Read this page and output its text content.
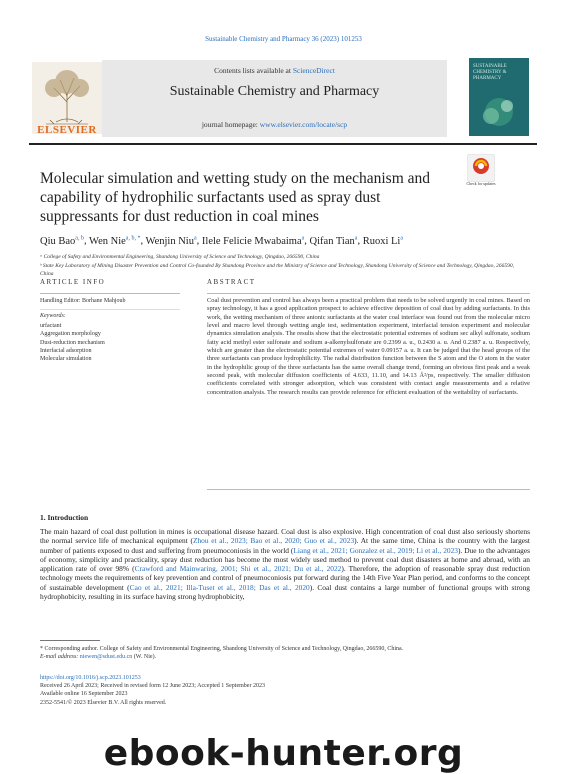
Sustainable Chemistry and Pharmacy 36 (2023) 101253
Contents lists available at ScienceDirect
Sustainable Chemistry and Pharmacy
journal homepage: www.elsevier.com/locate/scp
ELSEVIER
SUSTAINABLE CHEMISTRY & PHARMACY
Molecular simulation and wetting study on the mechanism and capability of hydrophilic surfactants used as spray dust suppressants for dust reduction in coal mines
Check for updates
Qiu Bao$^{a, b}$, Wen Nie$^{a, b, *}$, Wenjin Niu$^a$, Ilele Felicie Mwabaima$^a$, Qifan Tian$^a$, Ruoxi Li$^a$
ᵃ College of Safety and Environmental Engineering, Shandong University of Science and Technology, Qingdao, 266590, China
ᵇ State Key Laboratory of Mining Disaster Prevention and Control Co-founded By Shandong Province and the Ministry of Science and Technology, Shandong University of Science and Technology, Qingdao, 266590, China
ARTICLE INFO	ABSTRACT
Handling Editor: Borhane Mahjoub
Keywords:
urfactant
Aggregation morphology
Dust-reduction mechanism
Interfacial adsorption
Molecular simulation
Coal dust prevention and control has always been a practical problem that needs to be solved urgently in coal mines. Based on spray technology, it has a good application prospect to achieve effective deposition of coal dust by adding surfactants. In this work, the wetting mechanism of three anionic surfactants at the water coal interface was found out from the molecular micro level and macro level through wetting angle test, sedimentation experiment, interfacial tension experiment and molecular dynamics simulation analysis. The results show that the electrostatic potential extremes of sodium sec alkyl sulfonate, sodium fatty acid methyl ester sulfonate and sodium a-alkenylsulfonate are 0.2399 a. u., 0.2430 a. u. And 0.2387 a. u. Respectively, which are greater than the electrostatic potential extremes of water 0.09157 a. u. It can be judged that the head groups of the three surfactants can produce hydrophilicity. The radial distribution function between the S atom and the O atom in the water in the hydrophilic group of the three surfactants has the same overall change trend, forming an obvious first peak and a weak second peak, with molecular diffusion coefficients of 4.633, 11.10, and 14.13 Å²/ps, respectively. The smaller diffusion coefficients correlated with stronger adsorption, which was consistent with contact angle measurements and a relative concentration analysis. The research results can provide reference for efficient evaluation of the wettability of surfactants.
1. Introduction
The main hazard of coal dust pollution in mines is occupational disease hazard. Coal dust is also explosive. High concentration of coal dust also seriously shortens the normal service life of mechanical equipment (Zhou et al., 2023; Bao et al., 2020; Guo et al., 2023). At the same time, China is the country with the largest number of patients exposed to dust and suffering from pneumoconiosis in the world (Liang et al., 2021; Gonzalez et al., 2019; Li et al., 2023). Due to the advantages of economy, simplicity and practicality, spray dust reduction has become the most widely used method to prevent coal dust disasters at home and abroad, with an application rate of over 98% (Crawford and Mainwaring, 2001; Shi et al., 2021; Du et al., 2022). Therefore, the adoption of reasonable spray dust reduction technology meets the requirements of key prevention and control of pneumoconiosis put forward during the 14th Five Year Plan period, and conforms to the concept of sustainable development (Cao et al., 2021; Illa-Tuset et al., 2018; Das et al., 2020). Coal dust contains a large number of functional groups with strong hydrophobicity, resulting in its surface having strong hydrophobicity,
* Corresponding author. College of Safety and Environmental Engineering, Shandong University of Science and Technology, Qingdao, 266590, China.
E-mail address: niewen@sdust.edu.cn (W. Nie).
https://doi.org/10.1016/j.scp.2023.101253
Received 26 April 2023; Received in revised form 12 June 2023; Accepted 1 September 2023
Available online 16 September 2023
2352-5541/© 2023 Elsevier B.V. All rights reserved.
ebook-hunter.org
